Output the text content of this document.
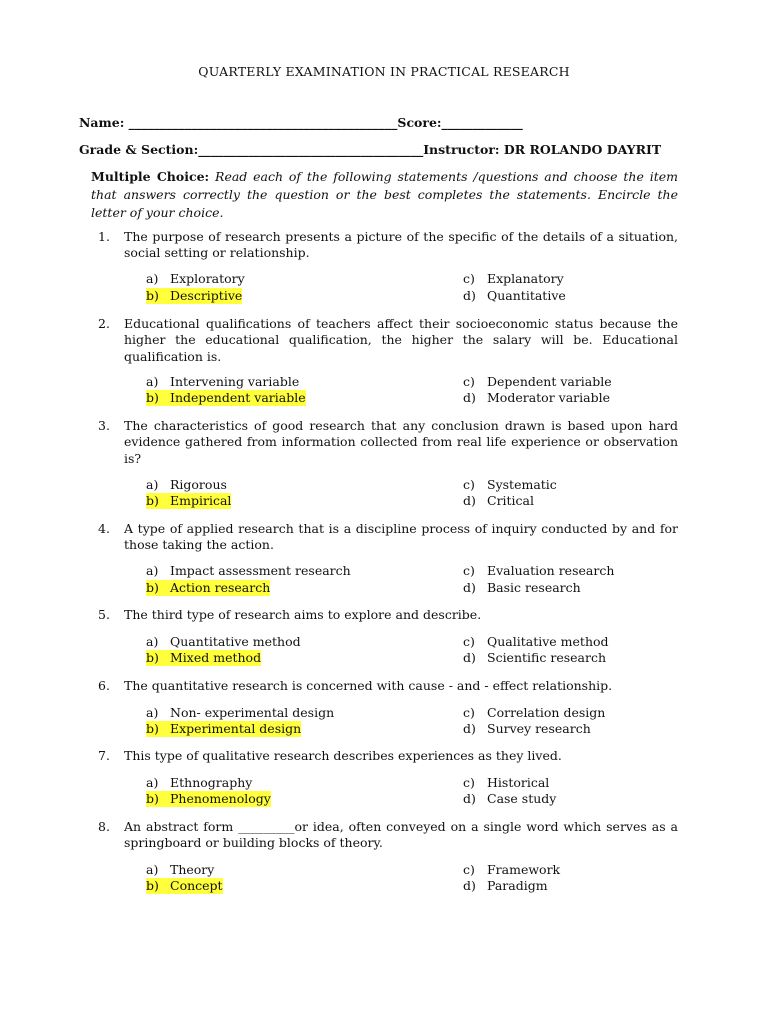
QUARTERLY EXAMINATION IN PRACTICAL RESEARCH
Name: ___________________________________________Score:_____________
Grade & Section:____________________________________Instructor: DR ROLANDO DAYRIT
Multiple Choice: Read each of the following statements /questions and choose the item that answers correctly the question or the best completes the statements. Encircle the letter of your choice.
1.	The purpose of research presents a picture of the specific of the details of a situation, social setting or relationship.
a) Exploratory
b) Descriptive
c) Explanatory
d) Quantitative
2.	Educational qualifications of teachers affect their socioeconomic status because the higher the educational qualification, the higher the salary will be. Educational qualification is.
a) Intervening variable
b) Independent variable
c) Dependent variable
d) Moderator variable
3.	The characteristics of good research that any conclusion drawn is based upon hard evidence gathered from information collected from real life experience or observation is?
a) Rigorous
b) Empirical
c) Systematic
d) Critical
4.	A type of applied research that is a discipline process of inquiry conducted by and for those taking the action.
a) Impact assessment research
b) Action research
c) Evaluation research
d) Basic research
5.	The third type of research aims to explore and describe.
a) Quantitative method
b) Mixed method
c) Qualitative method
d) Scientific research
6.	The quantitative research is concerned with cause - and - effect relationship.
a) Non- experimental design
b) Experimental design
c) Correlation design
d) Survey research
7.	This type of qualitative research describes experiences as they lived.
a) Ethnography
b) Phenomenology
c) Historical
d) Case study
8.	An abstract form _________or idea, often conveyed on a single word which serves as a springboard or building blocks of theory.
a) Theory
b) Concept
c) Framework
d) Paradigm
